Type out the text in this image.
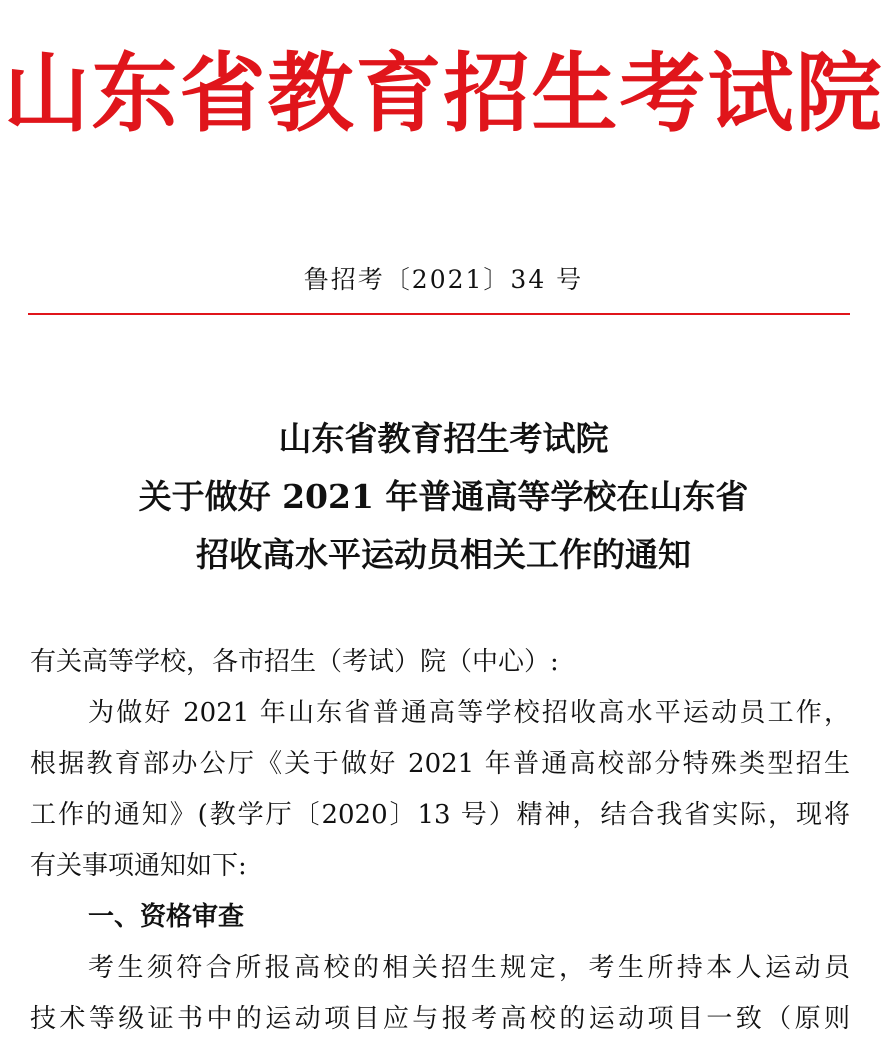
山东省教育招生考试院
鲁招考〔2021〕34 号
山东省教育招生考试院
关于做好 2021 年普通高等学校在山东省
招收高水平运动员相关工作的通知
有关高等学校，各市招生（考试）院（中心）:
为做好 2021 年山东省普通高等学校招收高水平运动员工作，
根据教育部办公厅《关于做好 2021 年普通高校部分特殊类型招生
工作的通知》(教学厅〔2020〕13 号）精神，结合我省实际，现将
有关事项通知如下:
一、资格审查
考生须符合所报高校的相关招生规定，考生所持本人运动员
技术等级证书中的运动项目应与报考高校的运动项目一致（原则
